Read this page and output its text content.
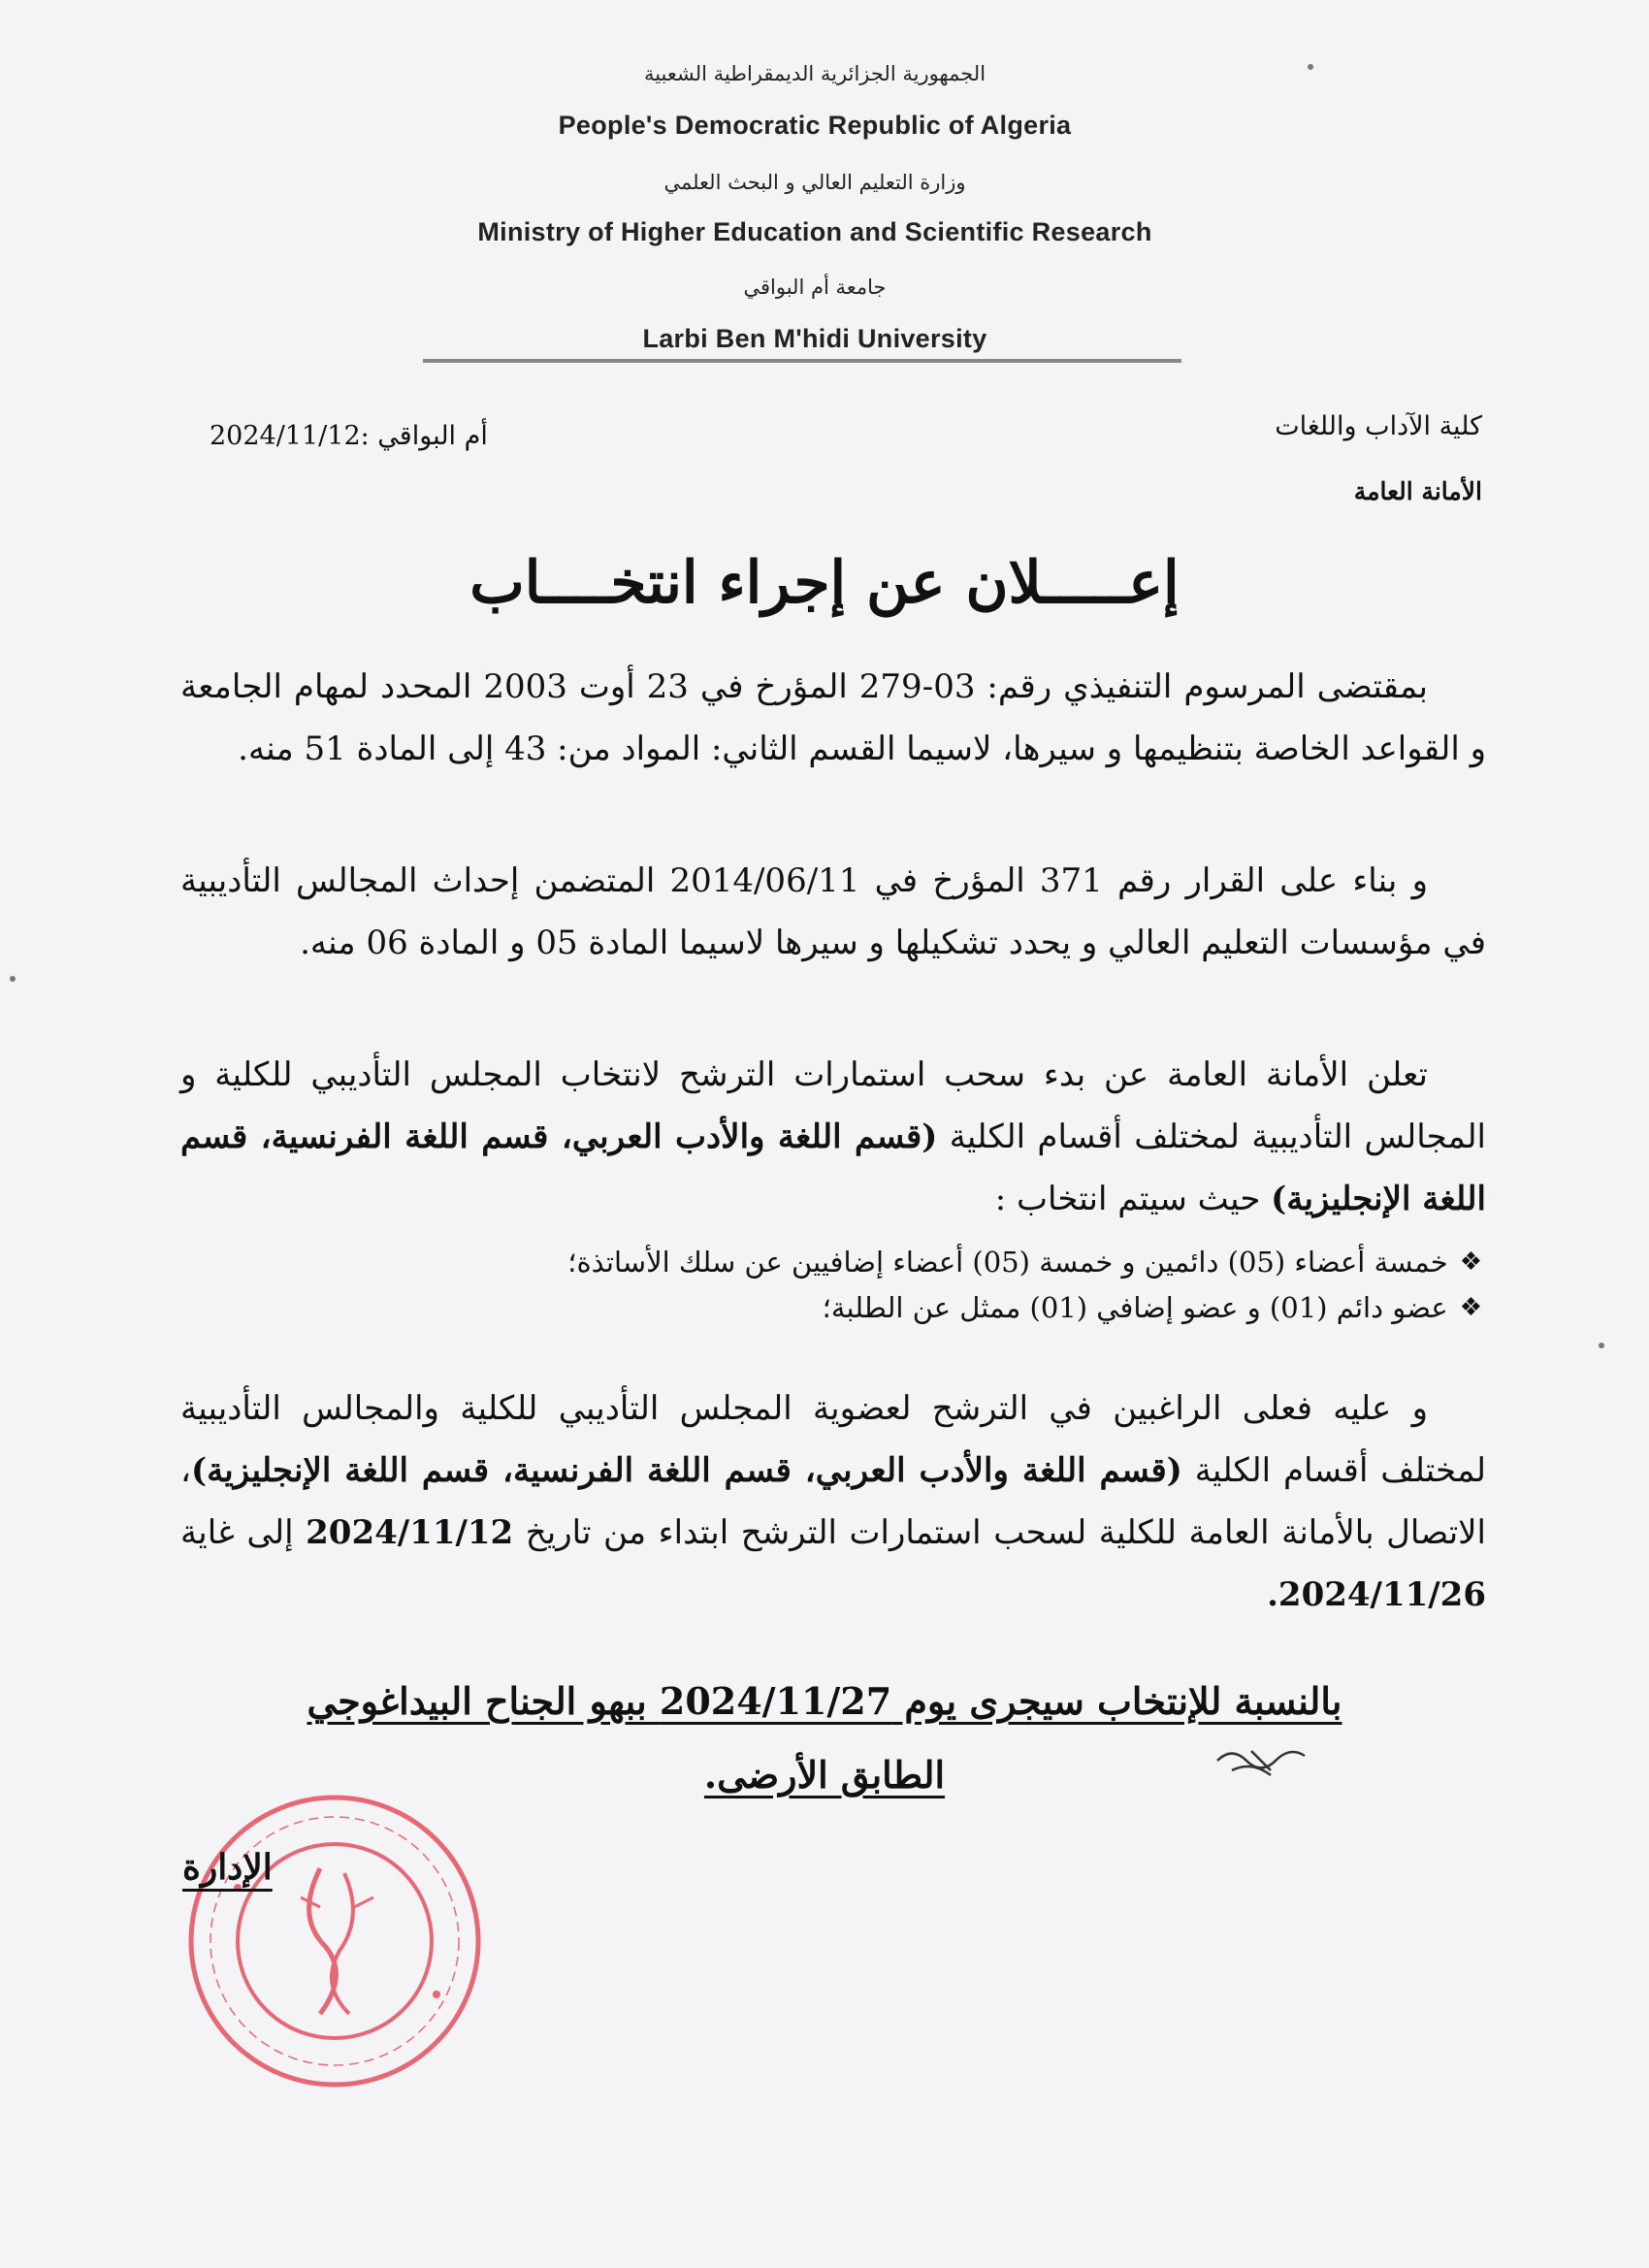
الجمهورية الجزائرية الديمقراطية الشعبية
People's Democratic Republic of Algeria
وزارة التعليم العالي و البحث العلمي
Ministry of Higher Education and Scientific Research
جامعة أم البواقي
Larbi Ben M'hidi University
كلية الآداب واللغات
الأمانة العامة
أم البواقي :2024/11/12
إعـــــلان عن إجراء انتخــــاب

بمقتضى المرسوم التنفيذي رقم: 03-279 المؤرخ في 23 أوت 2003 المحدد لمهام الجامعة و القواعد الخاصة بتنظيمها و سيرها، لاسيما القسم الثاني: المواد من: 43 إلى المادة 51 منه.

و بناء على القرار رقم 371 المؤرخ في 2014/06/11 المتضمن إحداث المجالس التأديبية في مؤسسات التعليم العالي و يحدد تشكيلها و سيرها لاسيما المادة 05 و المادة 06 منه.

تعلن الأمانة العامة عن بدء سحب استمارات الترشح لانتخاب المجلس التأديبي للكلية و المجالس التأديبية لمختلف أقسام الكلية (قسم اللغة والأدب العربي، قسم اللغة الفرنسية، قسم اللغة الإنجليزية) حيث سيتم انتخاب :

❖
خمسة أعضاء (05) دائمين و خمسة (05) أعضاء إضافيين عن سلك الأساتذة؛
❖
عضو دائم (01) و عضو إضافي (01) ممثل عن الطلبة؛

و عليه فعلى الراغبين في الترشح لعضوية المجلس التأديبي للكلية والمجالس التأديبية لمختلف أقسام الكلية (قسم اللغة والأدب العربي، قسم اللغة الفرنسية، قسم اللغة الإنجليزية)، الاتصال بالأمانة العامة للكلية لسحب استمارات الترشح ابتداء من تاريخ 2024/11/12 إلى غاية 2024/11/26.

بالنسبة للإنتخاب سيجرى يوم 2024/11/27 ببهو الجناح البيداغوجي
الطابق الأرضى.
الإدارة
